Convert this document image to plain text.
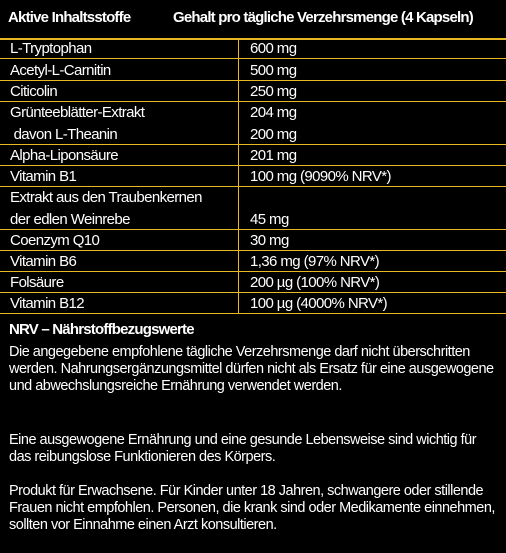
Aktive Inhaltsstoffe	Gehalt pro tägliche Verzehrsmenge (4 Kapseln)
L-Tryptophan	600 mg
Acetyl-L-Carnitin	500 mg
Citicolin	250 mg
Grünteeblätter-Extrakt	204 mg
davon L-Theanin	200 mg
Alpha-Liponsäure	201 mg
Vitamin B1	100 mg (9090% NRV*)
Extrakt aus den Traubenkernen
der edlen Weinrebe	45 mg
Coenzym Q10	30 mg
Vitamin B6	1,36 mg (97% NRV*)
Folsäure	200 µg (100% NRV*)
Vitamin B12	100 µg (4000% NRV*)
NRV – Nährstoffbezugswerte
Die angegebene empfohlene tägliche Verzehrsmenge darf nicht überschritten werden. Nahrungsergänzungsmittel dürfen nicht als Ersatz für eine ausgewogene und abwechslungsreiche Ernährung verwendet werden.
Eine ausgewogene Ernährung und eine gesunde Lebensweise sind wichtig für das reibungslose Funktionieren des Körpers.
Produkt für Erwachsene. Für Kinder unter 18 Jahren, schwangere oder stillende Frauen nicht empfohlen. Personen, die krank sind oder Medikamente einnehmen, sollten vor Einnahme einen Arzt konsultieren.
